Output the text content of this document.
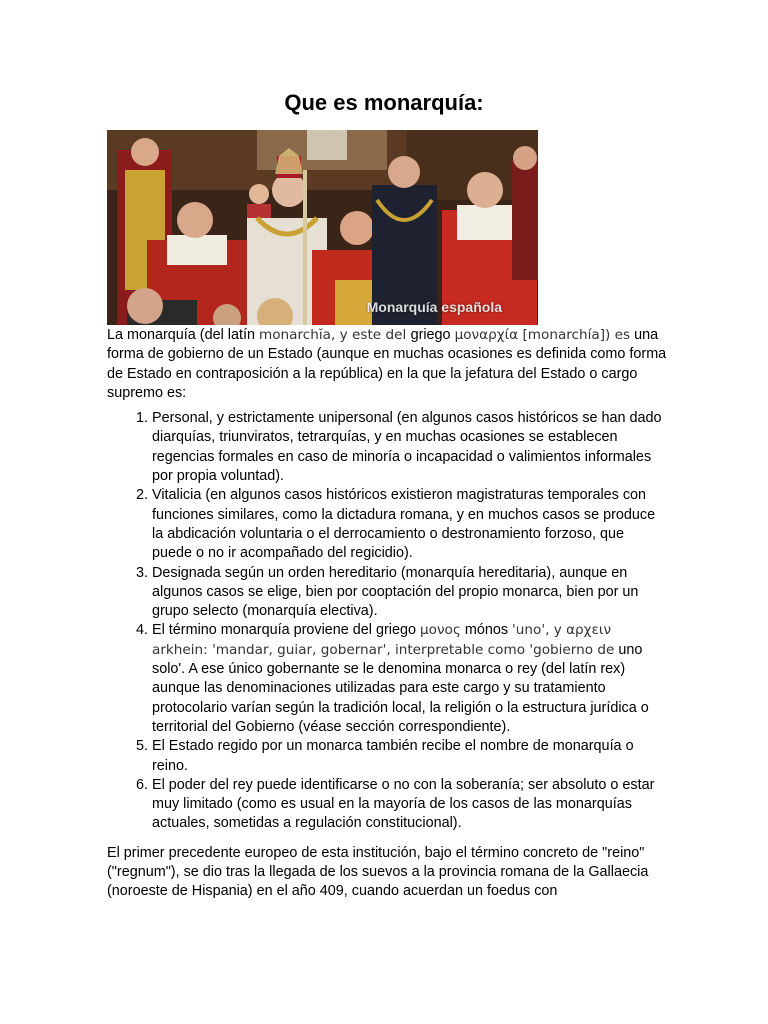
Que es monarquía:
Monarquía española

La monarquía (del latín monarchĭa, y este del griego μοναρχία [monarchía]) es una forma de gobierno de un Estado (aunque en muchas ocasiones es definida como forma de Estado en contraposición a la república) en la que la jefatura del Estado o cargo supremo es:

1. Personal, y estrictamente unipersonal (en algunos casos históricos se han dado diarquías, triunviratos, tetrarquías, y en muchas ocasiones se establecen regencias formales en caso de minoría o incapacidad o valimientos informales por propia voluntad).
2. Vitalicia (en algunos casos históricos existieron magistraturas temporales con funciones similares, como la dictadura romana, y en muchos casos se produce la abdicación voluntaria o el derrocamiento o destronamiento forzoso, que puede o no ir acompañado del regicidio).
3. Designada según un orden hereditario (monarquía hereditaria), aunque en algunos casos se elige, bien por cooptación del propio monarca, bien por un grupo selecto (monarquía electiva).
4. El término monarquía proviene del griego μονος mónos 'uno', y αρχειν arkhein: 'mandar, guiar, gobernar', interpretable como 'gobierno de uno solo'. A ese único gobernante se le denomina monarca o rey (del latín rex) aunque las denominaciones utilizadas para este cargo y su tratamiento protocolario varían según la tradición local, la religión o la estructura jurídica o territorial del Gobierno (véase sección correspondiente).
5. El Estado regido por un monarca también recibe el nombre de monarquía o reino.
6. El poder del rey puede identificarse o no con la soberanía; ser absoluto o estar muy limitado (como es usual en la mayoría de los casos de las monarquías actuales, sometidas a regulación constitucional).

El primer precedente europeo de esta institución, bajo el término concreto de "reino" ("regnum"), se dio tras la llegada de los suevos a la provincia romana de la Gallaecia (noroeste de Hispania) en el año 409, cuando acuerdan un foedus con
